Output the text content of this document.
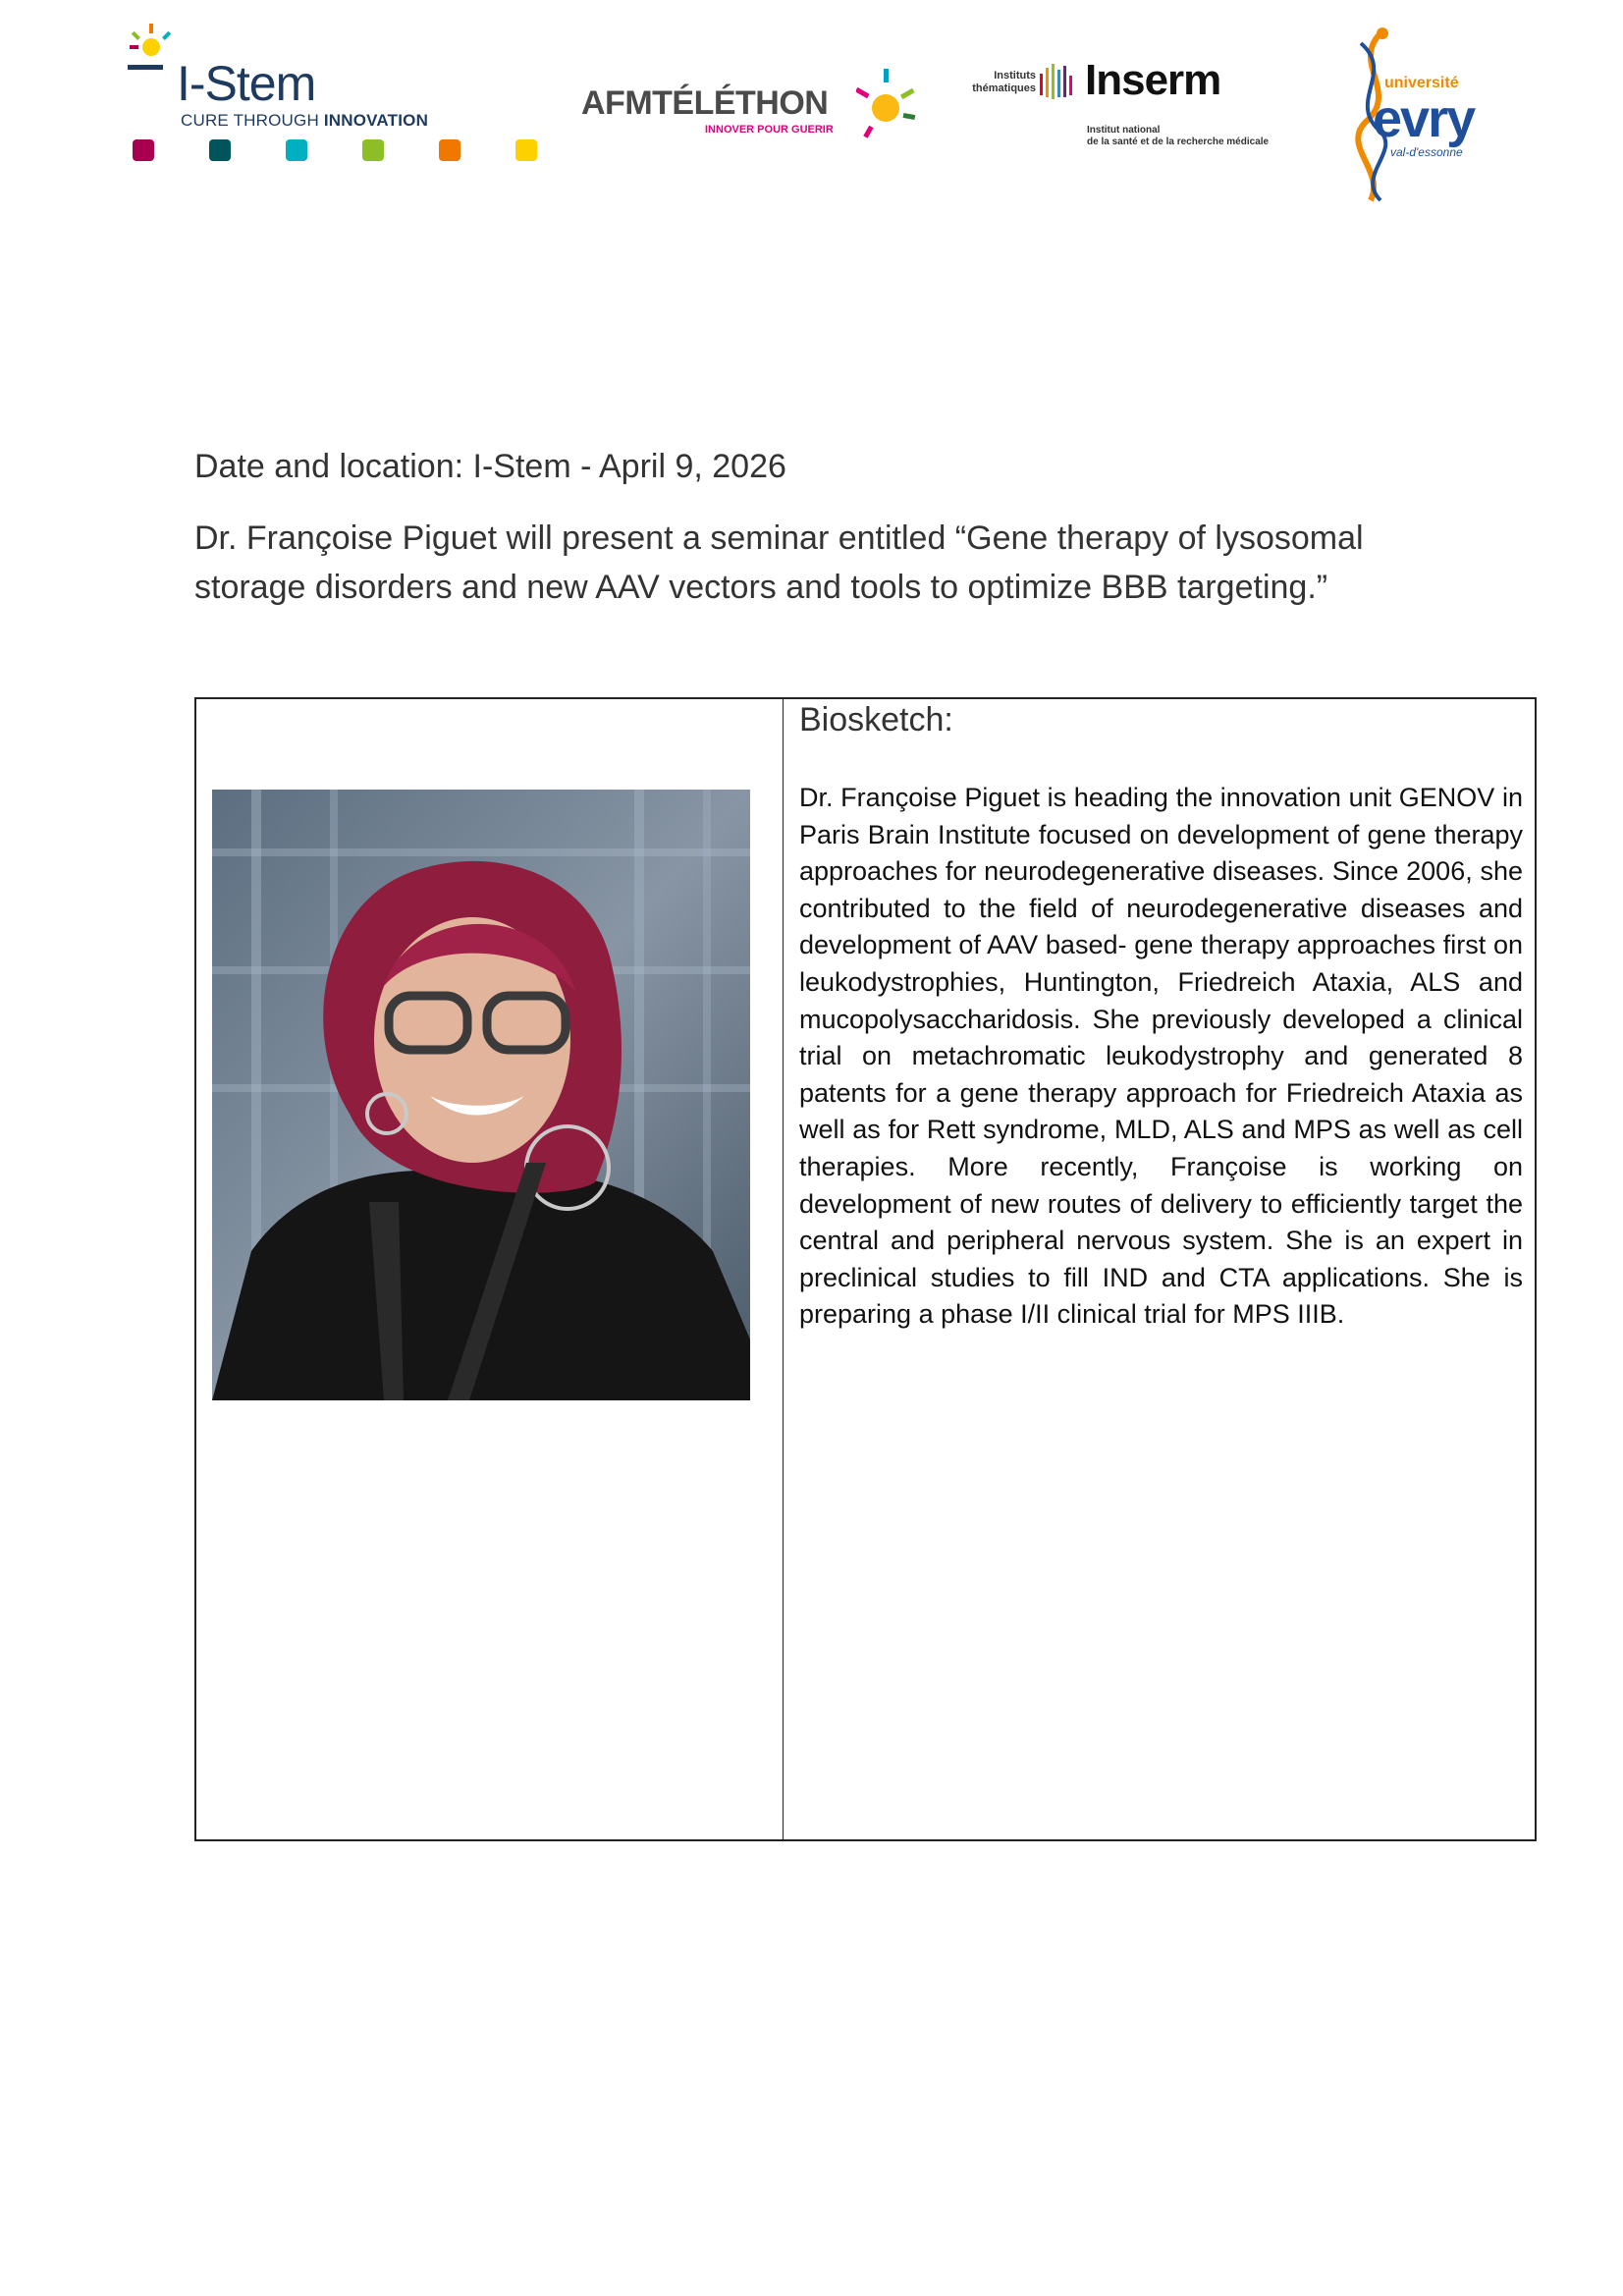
I-Stem
CURE THROUGH INNOVATION	AFMTÉLÉTHON
INNOVER POUR GUERIR
Instituts
thématiques Inserm
Institut national
de la santé et de la recherche médicale
université
evry
val-d'essonne
Date and location: I-Stem - April 9, 2026
Dr. Françoise Piguet will present a seminar entitled “Gene therapy of lysosomal
storage disorders and new AAV vectors and tools to optimize BBB targeting.”
Biosketch:
Dr. Françoise Piguet is heading the innovation unit GENOV in Paris Brain Institute focused on development of gene therapy approaches for neurodegenerative diseases. Since 2006, she contributed to the field of neurodegenerative diseases and development of AAV based- gene therapy approaches first on leukodystrophies, Huntington, Friedreich Ataxia, ALS and mucopolysaccharidosis. She previously developed a clinical trial on metachromatic leukodystrophy and generated 8 patents for a gene therapy approach for Friedreich Ataxia as well as for Rett syndrome, MLD, ALS and MPS as well as cell therapies. More recently, Françoise is working on development of new routes of delivery to efficiently target the central and peripheral nervous system. She is an expert in preclinical studies to fill IND and CTA applications. She is preparing a phase I/II clinical trial for MPS IIIB.
